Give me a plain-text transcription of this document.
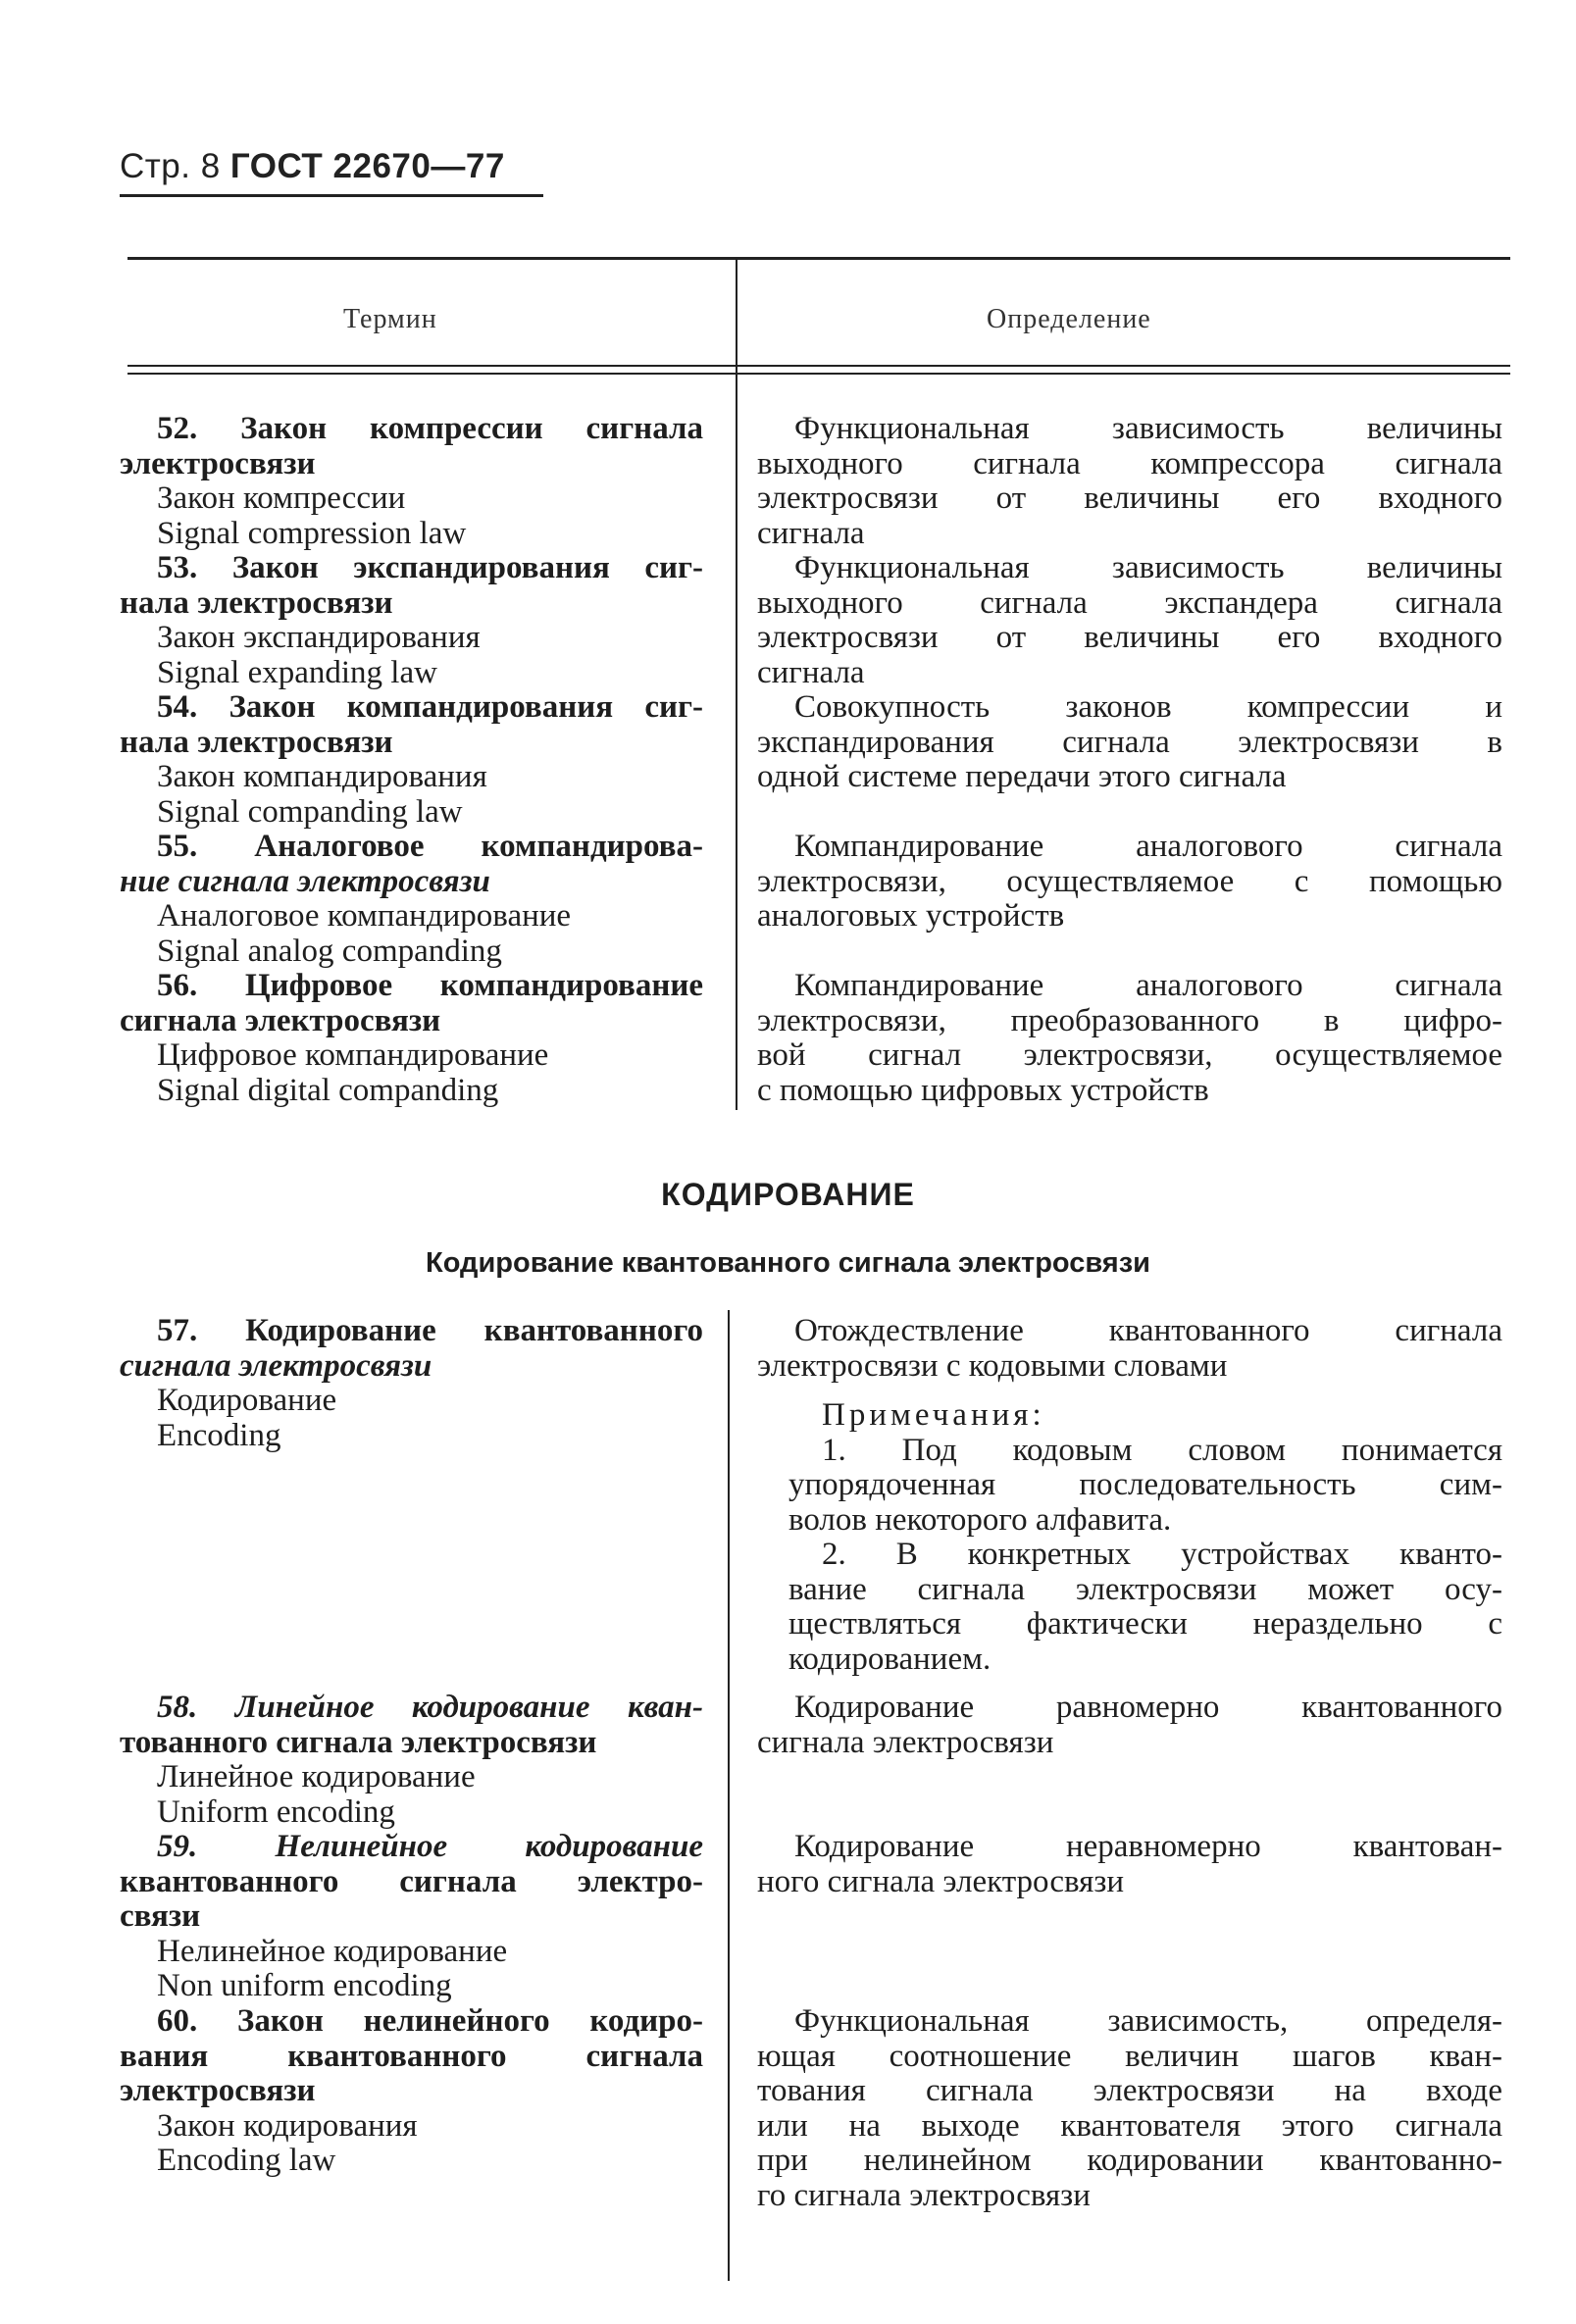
Стр. 8 ГОСТ 22670—77
Термин	Определение
52. Закон компрессии сигнала
электросвязи
Закон компрессии
Signal compression law
Функциональная зависимость величины
выходного сигнала компрессора сигнала
электросвязи от величины его входного
сигнала
53. Закон экспандирования сиг-
нала электросвязи
Закон экспандирования
Signal expanding law
Функциональная зависимость величины
выходного сигнала экспандера сигнала
электросвязи от величины его входного
сигнала
54. Закон компандирования сиг-
нала электросвязи
Закон компандирования
Signal companding law
Совокупность законов компрессии и
экспандирования сигнала электросвязи в
одной системе передачи этого сигнала
55. Аналоговое компандирова-
ние сигнала электросвязи
Аналоговое компандирование
Signal analog companding
Компандирование аналогового сигнала
электросвязи, осуществляемое с помощью
аналоговых устройств
56. Цифровое компандирование
сигнала электросвязи
Цифровое компандирование
Signal digital companding
Компандирование аналогового сигнала
электросвязи, преобразованного в цифро-
вой сигнал электросвязи, осуществляемое
с помощью цифровых устройств
КОДИРОВАНИЕ
Кодирование квантованного сигнала электросвязи
57. Кодирование квантованного
сигнала электросвязи
Кодирование
Encoding
Отождествление квантованного сигнала
электросвязи с кодовыми словами
Примечания:
1. Под кодовым словом понимается
упорядоченная последовательность сим-
волов некоторого алфавита.
2. В конкретных устройствах кванто-
вание сигнала электросвязи может осу-
ществляться фактически нераздельно с
кодированием.
58. Линейное кодирование кван-
тованного сигнала электросвязи
Линейное кодирование
Uniform encoding
Кодирование равномерно квантованного
сигнала электросвязи
59. Нелинейное кодирование
квантованного сигнала электро-
связи
Нелинейное кодирование
Non uniform encoding
Кодирование неравномерно квантован-
ного сигнала электросвязи
60. Закон нелинейного кодиро-
вания квантованного сигнала
электросвязи
Закон кодирования
Encoding law
Функциональная зависимость, определя-
ющая соотношение величин шагов кван-
тования сигнала электросвязи на входе
или на выходе квантователя этого сигнала
при нелинейном кодировании квантованно-
го сигнала электросвязи
